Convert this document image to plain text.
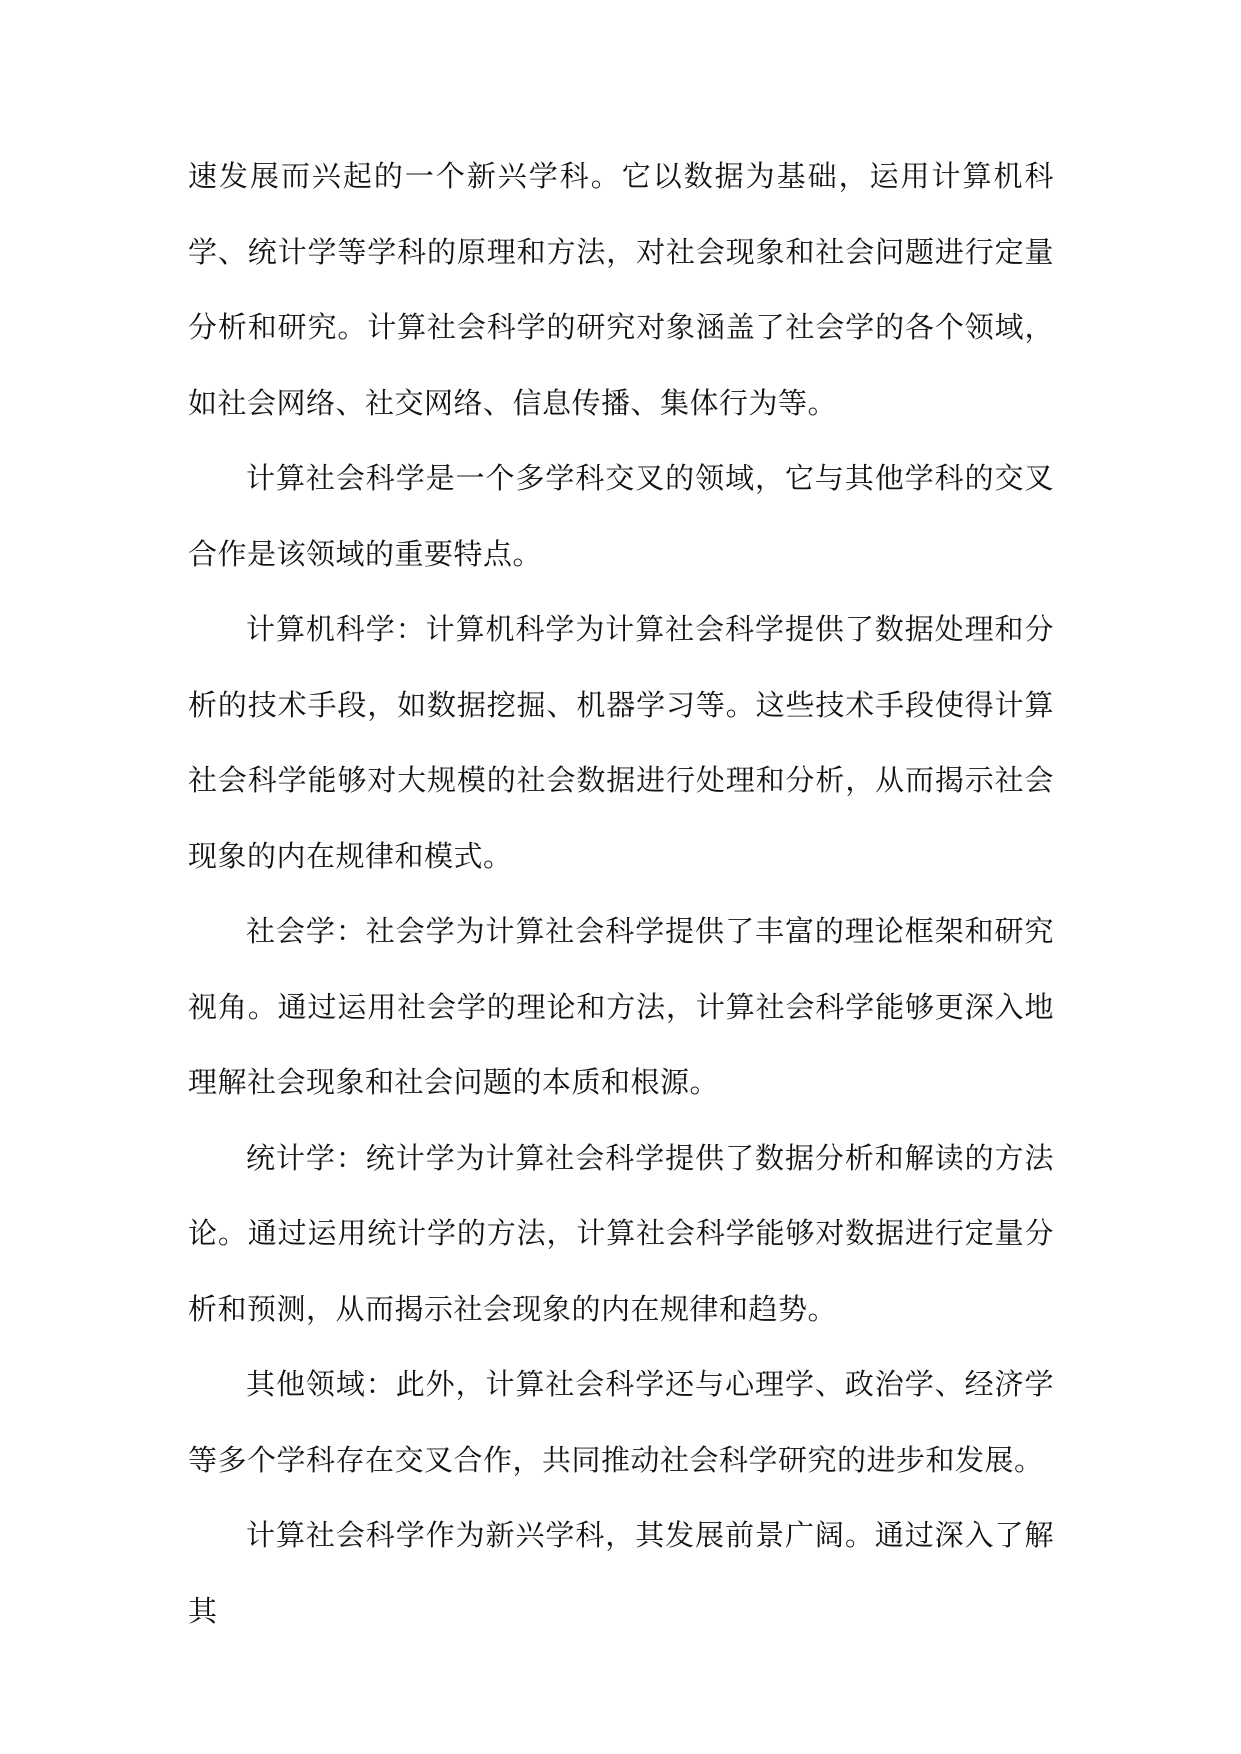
速发展而兴起的一个新兴学科。它以数据为基础，运用计算机科学、统计学等学科的原理和方法，对社会现象和社会问题进行定量分析和研究。计算社会科学的研究对象涵盖了社会学的各个领域，如社会网络、社交网络、信息传播、集体行为等。

计算社会科学是一个多学科交叉的领域，它与其他学科的交叉合作是该领域的重要特点。

计算机科学：计算机科学为计算社会科学提供了数据处理和分析的技术手段，如数据挖掘、机器学习等。这些技术手段使得计算社会科学能够对大规模的社会数据进行处理和分析，从而揭示社会现象的内在规律和模式。

社会学：社会学为计算社会科学提供了丰富的理论框架和研究视角。通过运用社会学的理论和方法，计算社会科学能够更深入地理解社会现象和社会问题的本质和根源。

统计学：统计学为计算社会科学提供了数据分析和解读的方法论。通过运用统计学的方法，计算社会科学能够对数据进行定量分析和预测，从而揭示社会现象的内在规律和趋势。

其他领域：此外，计算社会科学还与心理学、政治学、经济学等多个学科存在交叉合作，共同推动社会科学研究的进步和发展。

计算社会科学作为新兴学科，其发展前景广阔。通过深入了解其
